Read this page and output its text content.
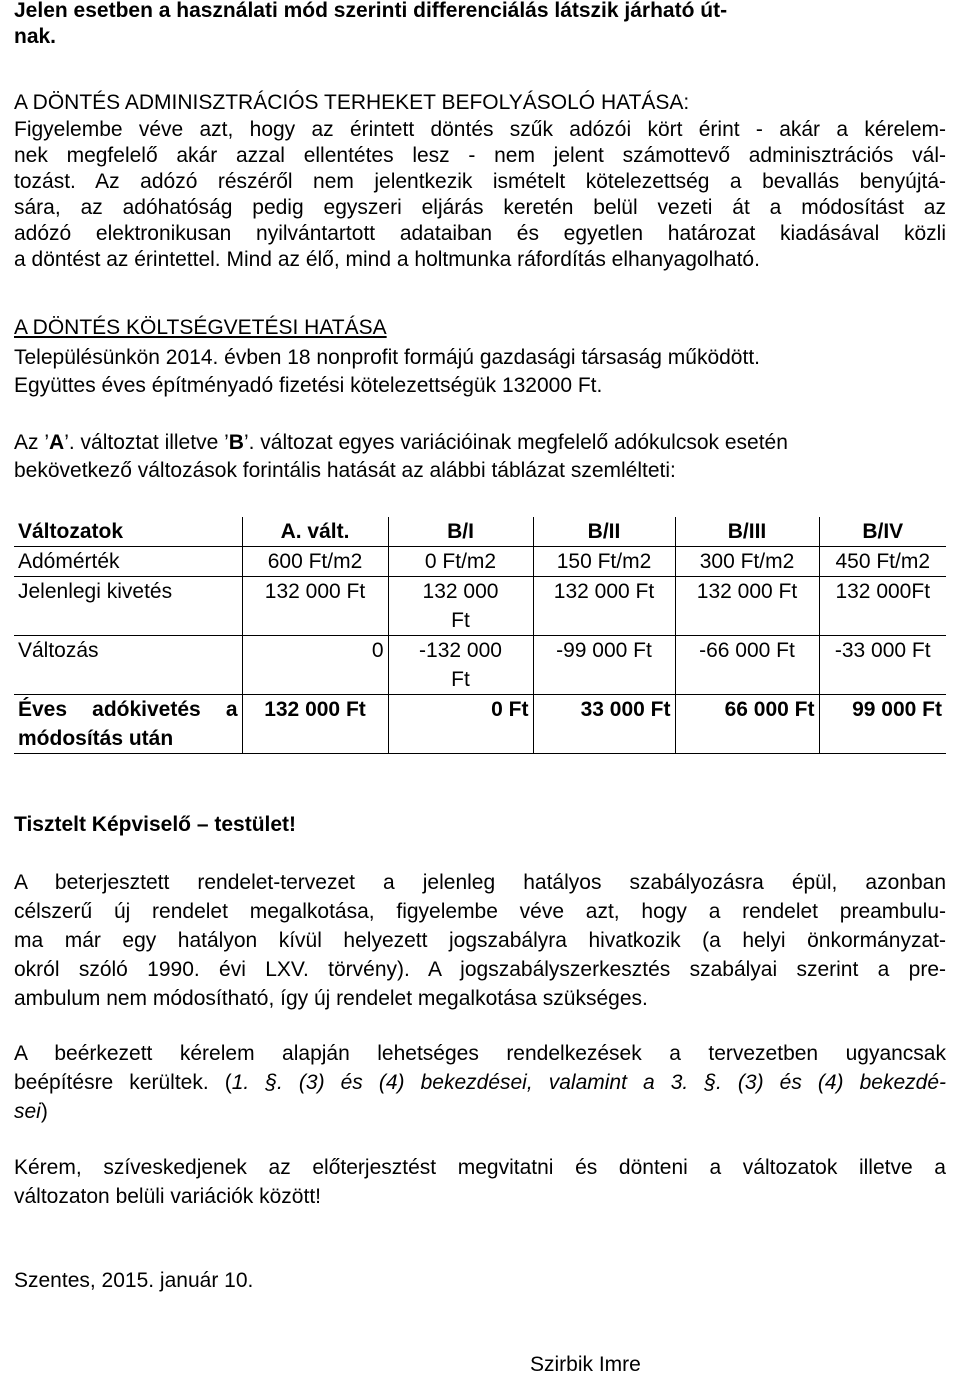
Jelen esetben a használati mód szerinti differenciálás látszik járható út-

nak.

A DÖNTÉS ADMINISZTRÁCIÓS TERHEKET BEFOLYÁSOLÓ HATÁSA:

Figyelembe véve azt, hogy az érintett döntés szűk adózói kört érint - akár a kérelem-
nek megfelelő akár azzal ellentétes lesz - nem jelent számottevő adminisztrációs vál-
tozást. Az adózó részéről nem jelentkezik ismételt kötelezettség a bevallás benyújtá-
sára, az adóhatóság pedig egyszeri eljárás keretén belül vezeti át a módosítást az
adózó elektronikusan nyilvántartott adataiban és egyetlen határozat kiadásával közli
a döntést az érintettel. Mind az élő, mind a holtmunka ráfordítás elhanyagolható.

A DÖNTÉS KÖLTSÉGVETÉSI HATÁSA

Településünkön 2014. évben 18 nonprofit formájú gazdasági társaság működött.

Együttes éves építményadó fizetési kötelezettségük 132000 Ft.

Az ’A’. változtat illetve ’B’. változat egyes variációinak megfelelő adókulcsok esetén

bekövetkező változások forintális hatását az alábbi táblázat szemlélteti:

Változatok	A. vált.	B/I	B/II	B/III	B/IV
Adómérték	600 Ft/m2	0 Ft/m2	150 Ft/m2	300 Ft/m2	450 Ft/m2
Jelenlegi kivetés	132 000 Ft	132 000 Ft	132 000 Ft	132 000 Ft	132 000Ft
Változás	0	-132 000 Ft	-99 000 Ft	-66 000 Ft	-33 000 Ft
Éves adókivetés a módosítás után	132 000 Ft	0 Ft	33 000 Ft	66 000 Ft	99 000 Ft

Tisztelt Képviselő – testület!

A beterjesztett rendelet-tervezet a jelenleg hatályos szabályozásra épül, azonban
célszerű új rendelet megalkotása, figyelembe véve azt, hogy a rendelet preambulu-
ma már egy hatályon kívül helyezett jogszabályra hivatkozik (a helyi önkormányzat-
okról szóló 1990. évi LXV. törvény). A jogszabályszerkesztés szabályai szerint a pre-
ambulum nem módosítható, így új rendelet megalkotása szükséges.
A beérkezett kérelem alapján lehetséges rendelkezések a tervezetben ugyancsak
beépítésre kerültek. (1. §. (3) és (4) bekezdései, valamint a 3. §. (3) és (4) bekezdé-
sei)
Kérem, szíveskedjenek az előterjesztést megvitatni és dönteni a változatok illetve a
változaton belüli variációk között!

Szentes, 2015. január 10.

Szirbik Imre
